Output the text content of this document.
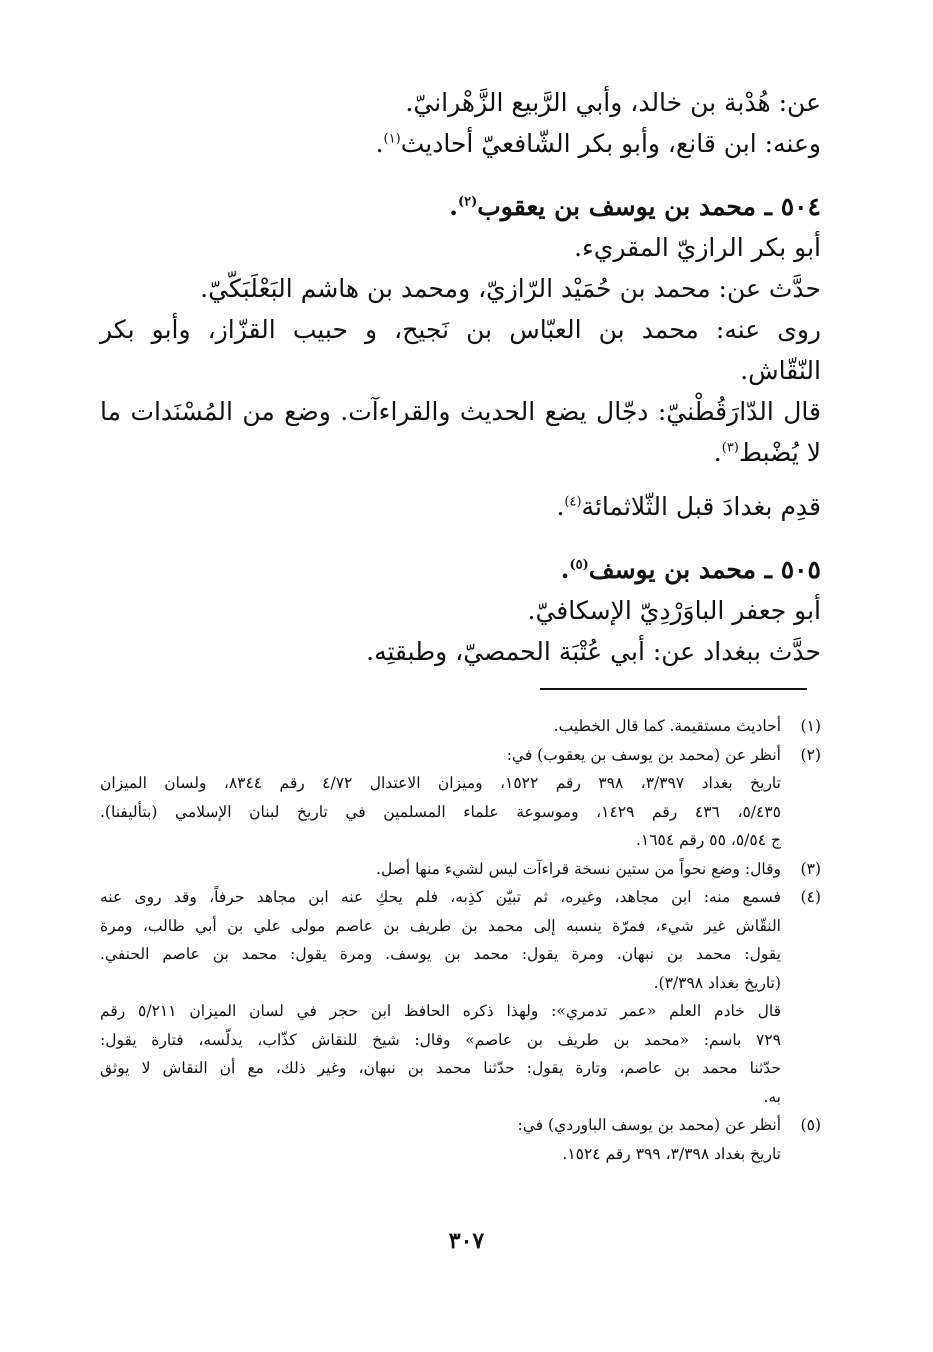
عن: هُدْبة بن خالد، وأبي الرَّبيع الزَّهْرانيّ.
وعنه: ابن قانع، وأبو بكر الشّافعيّ أحاديث$^{(١)}$.
٥٠٤ ـ محمد بن يوسف بن يعقوب$^{(٢)}$.
أبو بكر الرازيّ المقريء.
حدَّث عن: محمد بن حُمَيْد الرّازيّ، ومحمد بن هاشم البَعْلَبَكّيّ.
روى عنه: محمد بن العبّاس بن نَجيح، و حبيب القزّاز، وأبو بكر
النّقّاش.
قال الدّارَقُطْنيّ: دجّال يضع الحديث والقراءآت. وضع من المُسْنَدات ما
لا يُضْبط$^{(٣)}$.
قدِم بغدادَ قبل الثّلاثمائة$^{(٤)}$.
٥٠٥ ـ محمد بن يوسف$^{(٥)}$.
أبو جعفر الباوَرْدِيّ الإسكافيّ.
حدَّث ببغداد عن: أبي عُتْبَة الحمصيّ، وطبقتِه.
(١)
أحاديث مستقيمة. كما قال الخطيب.
(٢)
أنظر عن (محمد بن يوسف بن يعقوب) في:
تاريخ بغداد ٣/٣٩٧، ٣٩٨ رقم ١٥٢٢، وميزان الاعتدال ٤/٧٢ رقم ٨٣٤٤، ولسان الميزان
٥/٤٣٥، ٤٣٦ رقم ١٤٢٩، وموسوعة علماء المسلمين في تاريخ لبنان الإسلامي (بتأليفنا).
ج ٥/٥٤، ٥٥ رقم ١٦٥٤.
(٣)
وقال: وضع نحواً من ستين نسخة قراءآت ليس لشيء منها أصل.
(٤)
فسمع منه: ابن مجاهد، وغيره، ثم تبيّن كذِبه، فلم يحكِ عنه ابن مجاهد حرفاً، وقد روى عنه
النقّاش غير شيء، فمرّة ينسبه إلى محمد بن طريف بن عاصم مولى علي بن أبي طالب، ومرة
يقول: محمد بن نبهان. ومرة يقول: محمد بن يوسف. ومرة يقول: محمد بن عاصم الحنفي.
(تاريخ بغداد ٣/٣٩٨).
قال خادم العلم «عمر تدمري»: ولهذا ذكره الحافظ ابن حجر في لسان الميزان ٥/٢١١ رقم
٧٢٩ باسم: «محمد بن طريف بن عاصم» وقال: شيخ للنقاش كذّاب، يدلّسه، فتارة يقول:
حدّثنا محمد بن عاصم، وتارة يقول: حدّثنا محمد بن نبهان، وغير ذلك، مع أن النقاش لا يوثق
به.
(٥)
أنظر عن (محمد بن يوسف الباوردي) في:
تاريخ بغداد ٣/٣٩٨، ٣٩٩ رقم ١٥٢٤.
٣٠٧
